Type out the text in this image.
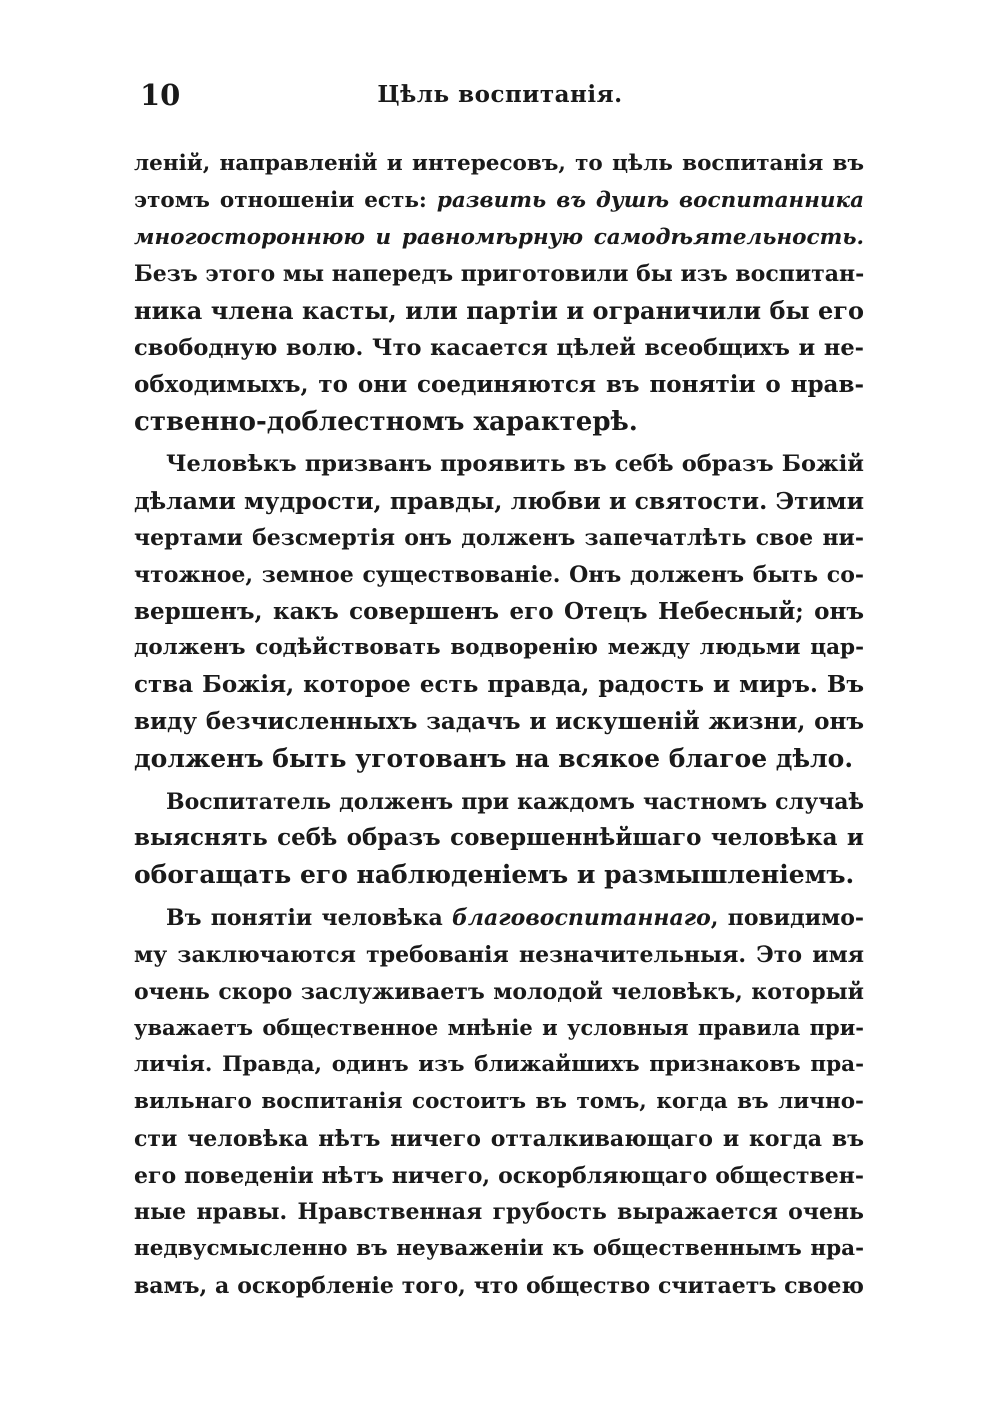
10	Цѣль воспитанія.
ленiй, направленiй и интересовъ, то цѣль воспитанія въ
этомъ отношеніи есть: развить въ душѣ воспитанника
многостороннюю и равномѣрную самодѣятельность.
Безъ этого мы напередъ приготовили бы изъ воспитан-
ника члена касты, или партіи и ограничили бы его
свободную волю. Что касается цѣлей всеобщихъ и не-
обходимыхъ, то они соединяются въ понятіи о нрав-
ственно-доблестномъ характерѣ.
Человѣкъ призванъ проявить въ себѣ образъ Божій
дѣлами мудрости, правды, любви и святости. Этими
чертами безсмертія онъ долженъ запечатлѣть свое ни-
чтожное, земное существованіе. Онъ долженъ быть со-
вершенъ, какъ совершенъ его Отецъ Небесный; онъ
долженъ содѣйствовать водворенію между людьми цар-
ства Божія, которое есть правда, радость и миръ. Въ
виду безчисленныхъ задачъ и искушеній жизни, онъ
долженъ быть уготованъ на всякое благое дѣло.
Воспитатель долженъ при каждомъ частномъ случаѣ
выяснять себѣ образъ совершеннѣйшаго человѣка и
обогащать его наблюденіемъ и размышленіемъ.
Въ понятіи человѣка благовоспитаннаго, повидимо-
му заключаются требованія незначительныя. Это имя
очень скоро заслуживаетъ молодой человѣкъ, который
уважаетъ общественное мнѣніе и условныя правила при-
личія. Правда, одинъ изъ ближайшихъ признаковъ пра-
вильнаго воспитанія состоитъ въ томъ, когда въ лично-
сти человѣка нѣтъ ничего отталкивающаго и когда въ
его поведеніи нѣтъ ничего, оскорбляющаго обществен-
ные нравы. Нравственная грубость выражается очень
недвусмысленно въ неуваженіи къ общественнымъ нра-
вамъ, а оскорбленіе того, что общество считаетъ своею
